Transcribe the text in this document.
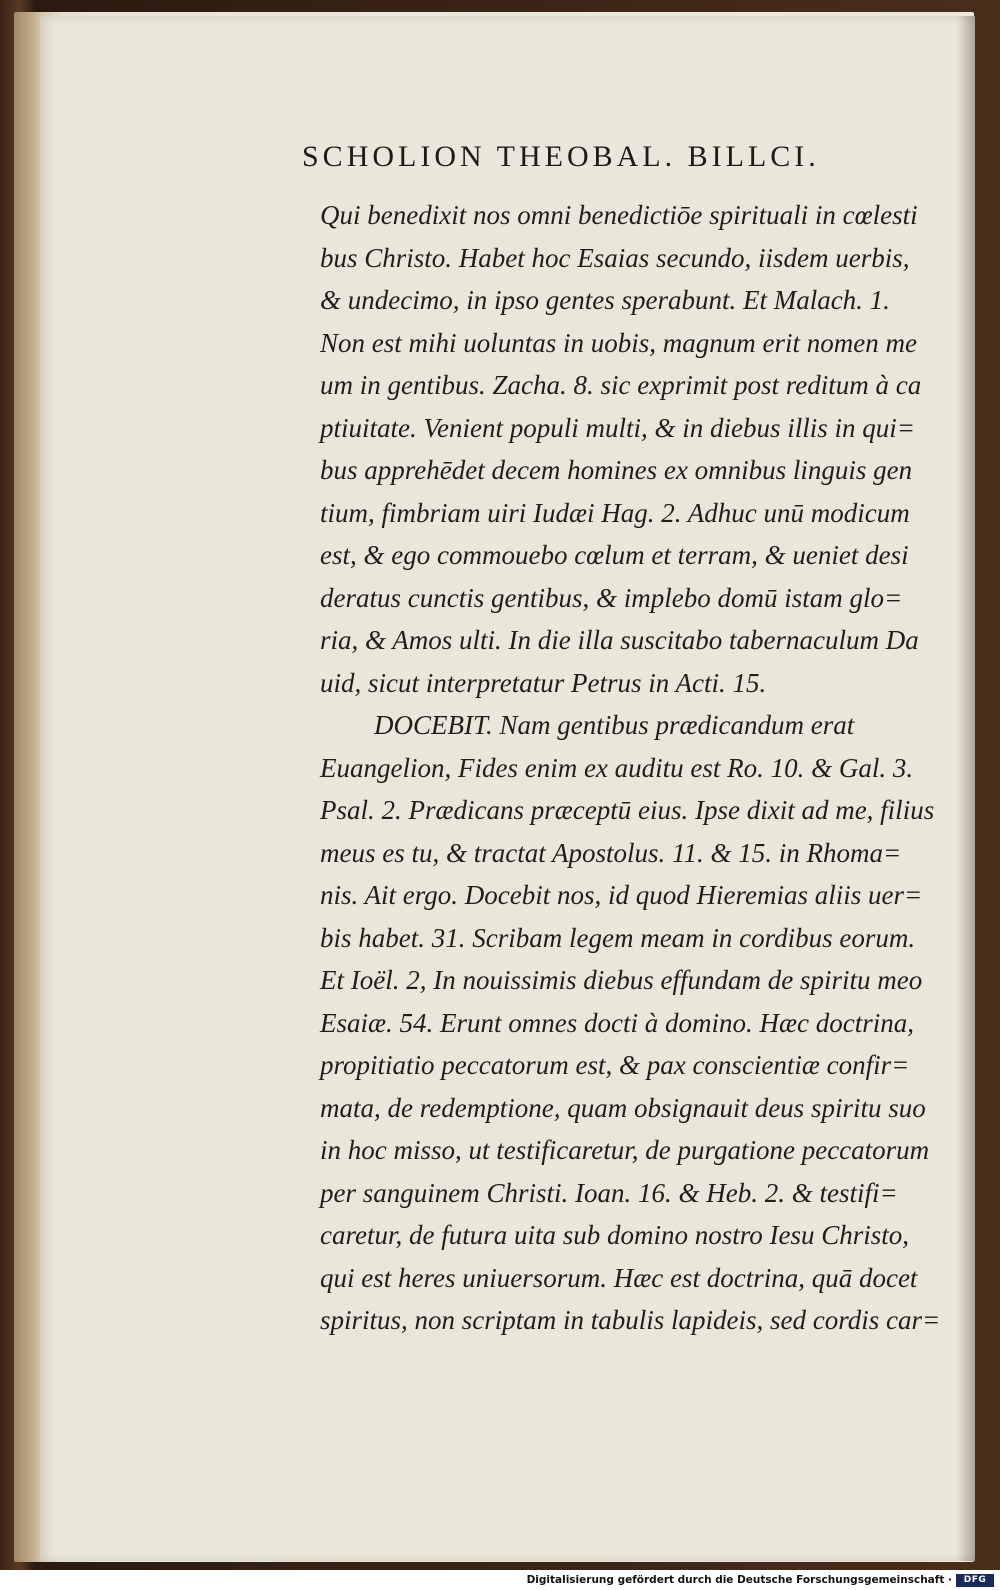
SCHOLION THEOBAL. BILLCI.
Qui benedixit nos omni benedictiōe spirituali in cœlesti
bus Christo. Habet hoc Esaias secundo, iisdem uerbis,
& undecimo, in ipso gentes sperabunt. Et Malach. 1.
Non est mihi uoluntas in uobis, magnum erit nomen me
um in gentibus. Zacha. 8. sic exprimit post reditum à ca
ptiuitate. Venient populi multi, & in diebus illis in qui=
bus apprehēdet decem homines ex omnibus linguis gen
tium, fimbriam uiri Iudæi Hag. 2. Adhuc unū modicum
est, & ego commouebo cœlum et terram, & ueniet desi
deratus cunctis gentibus, & implebo domū istam glo=
ria, & Amos ulti. In die illa suscitabo tabernaculum Da
uid, sicut interpretatur Petrus in Acti. 15.
DOCEBIT. Nam gentibus prædicandum erat
Euangelion, Fides enim ex auditu est Ro. 10. & Gal. 3.
Psal. 2. Prædicans præceptū eius. Ipse dixit ad me, filius
meus es tu, & tractat Apostolus. 11. & 15. in Rhoma=
nis. Ait ergo. Docebit nos, id quod Hieremias aliis uer=
bis habet. 31. Scribam legem meam in cordibus eorum.
Et Ioël. 2, In nouissimis diebus effundam de spiritu meo
Esaiæ. 54. Erunt omnes docti à domino. Hæc doctrina,
propitiatio peccatorum est, & pax conscientiæ confir=
mata, de redemptione, quam obsignauit deus spiritu suo
in hoc misso, ut testificaretur, de purgatione peccatorum
per sanguinem Christi. Ioan. 16. & Heb. 2. & testifi=
caretur, de futura uita sub domino nostro Iesu Christo,
qui est heres uniuersorum. Hæc est doctrina, quā docet
spiritus, non scriptam in tabulis lapideis, sed cordis car=
Digitalisierung gefördert durch die Deutsche Forschungsgemeinschaft ·	DFG
